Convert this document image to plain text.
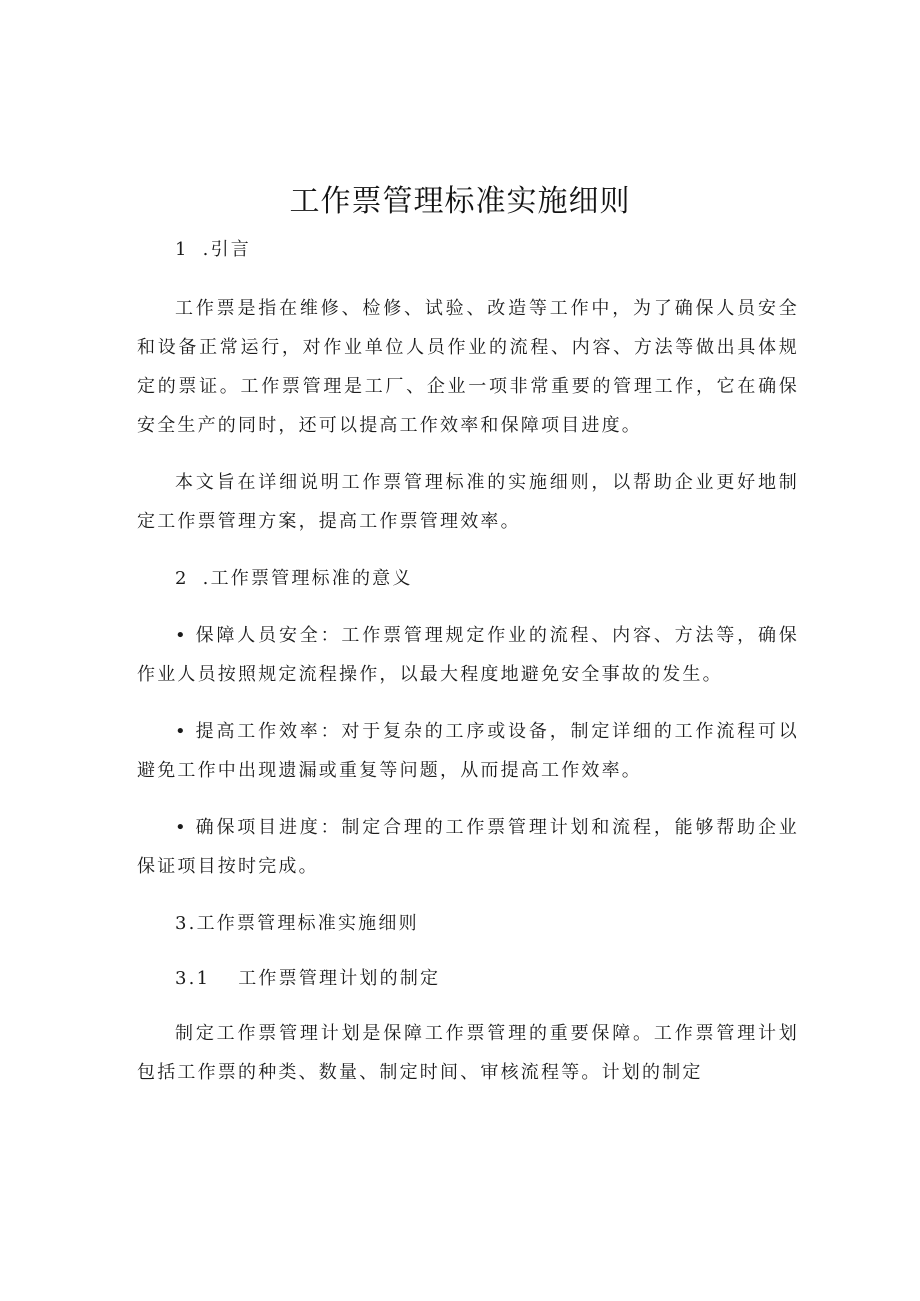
工作票管理标准实施细则

1 .引言

工作票是指在维修、检修、试验、改造等工作中，为了确保人员安全和设备正常运行，对作业单位人员作业的流程、内容、方法等做出具体规定的票证。工作票管理是工厂、企业一项非常重要的管理工作，它在确保安全生产的同时，还可以提高工作效率和保障项目进度。

本文旨在详细说明工作票管理标准的实施细则，以帮助企业更好地制定工作票管理方案，提高工作票管理效率。

2 .工作票管理标准的意义

• 保障人员安全：工作票管理规定作业的流程、内容、方法等，确保作业人员按照规定流程操作，以最大程度地避免安全事故的发生。

• 提高工作效率：对于复杂的工序或设备，制定详细的工作流程可以避免工作中出现遗漏或重复等问题，从而提高工作效率。

• 确保项目进度：制定合理的工作票管理计划和流程，能够帮助企业保证项目按时完成。

3.工作票管理标准实施细则

3.1 工作票管理计划的制定

制定工作票管理计划是保障工作票管理的重要保障。工作票管理计划包括工作票的种类、数量、制定时间、审核流程等。计划的制定
